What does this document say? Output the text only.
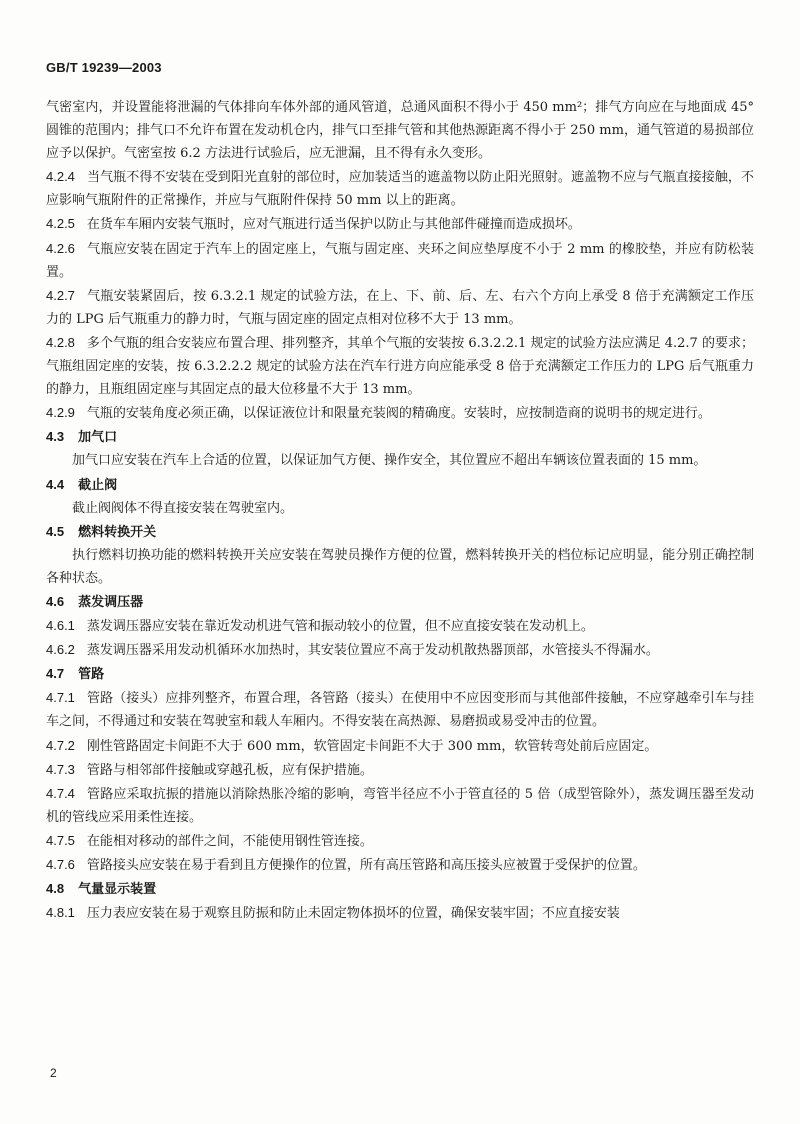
GB/T 19239—2003

气密室内，并设置能将泄漏的气体排向车体外部的通风管道，总通风面积不得小于 450 mm²；排气方向应在与地面成 45°圆锥的范围内；排气口不允许布置在发动机仓内，排气口至排气管和其他热源距离不得小于 250 mm，通气管道的易损部位应予以保护。气密室按 6.2 方法进行试验后，应无泄漏，且不得有永久变形。

4.2.4 当气瓶不得不安装在受到阳光直射的部位时，应加装适当的遮盖物以防止阳光照射。遮盖物不应与气瓶直接接触，不应影响气瓶附件的正常操作，并应与气瓶附件保持 50 mm 以上的距离。

4.2.5 在货车车厢内安装气瓶时，应对气瓶进行适当保护以防止与其他部件碰撞而造成损坏。

4.2.6 气瓶应安装在固定于汽车上的固定座上，气瓶与固定座、夹环之间应垫厚度不小于 2 mm 的橡胶垫，并应有防松装置。

4.2.7 气瓶安装紧固后，按 6.3.2.1 规定的试验方法，在上、下、前、后、左、右六个方向上承受 8 倍于充满额定工作压力的 LPG 后气瓶重力的静力时，气瓶与固定座的固定点相对位移不大于 13 mm。

4.2.8 多个气瓶的组合安装应布置合理、排列整齐，其单个气瓶的安装按 6.3.2.2.1 规定的试验方法应满足 4.2.7 的要求；气瓶组固定座的安装，按 6.3.2.2.2 规定的试验方法在汽车行进方向应能承受 8 倍于充满额定工作压力的 LPG 后气瓶重力的静力，且瓶组固定座与其固定点的最大位移量不大于 13 mm。

4.2.9 气瓶的安装角度必须正确，以保证液位计和限量充装阀的精确度。安装时，应按制造商的说明书的规定进行。

4.3 加气口

加气口应安装在汽车上合适的位置，以保证加气方便、操作安全，其位置应不超出车辆该位置表面的 15 mm。

4.4 截止阀

截止阀阀体不得直接安装在驾驶室内。

4.5 燃料转换开关

执行燃料切换功能的燃料转换开关应安装在驾驶员操作方便的位置，燃料转换开关的档位标记应明显，能分别正确控制各种状态。

4.6 蒸发调压器

4.6.1 蒸发调压器应安装在靠近发动机进气管和振动较小的位置，但不应直接安装在发动机上。

4.6.2 蒸发调压器采用发动机循环水加热时，其安装位置应不高于发动机散热器顶部，水管接头不得漏水。

4.7 管路

4.7.1 管路（接头）应排列整齐，布置合理，各管路（接头）在使用中不应因变形而与其他部件接触，不应穿越牵引车与挂车之间，不得通过和安装在驾驶室和载人车厢内。不得安装在高热源、易磨损或易受冲击的位置。

4.7.2 刚性管路固定卡间距不大于 600 mm，软管固定卡间距不大于 300 mm，软管转弯处前后应固定。

4.7.3 管路与相邻部件接触或穿越孔板，应有保护措施。

4.7.4 管路应采取抗振的措施以消除热胀冷缩的影响，弯管半径应不小于管直径的 5 倍（成型管除外），蒸发调压器至发动机的管线应采用柔性连接。

4.7.5 在能相对移动的部件之间，不能使用钢性管连接。

4.7.6 管路接头应安装在易于看到且方便操作的位置，所有高压管路和高压接头应被置于受保护的位置。

4.8 气量显示装置

4.8.1 压力表应安装在易于观察且防振和防止未固定物体损坏的位置，确保安装牢固；不应直接安装

2
